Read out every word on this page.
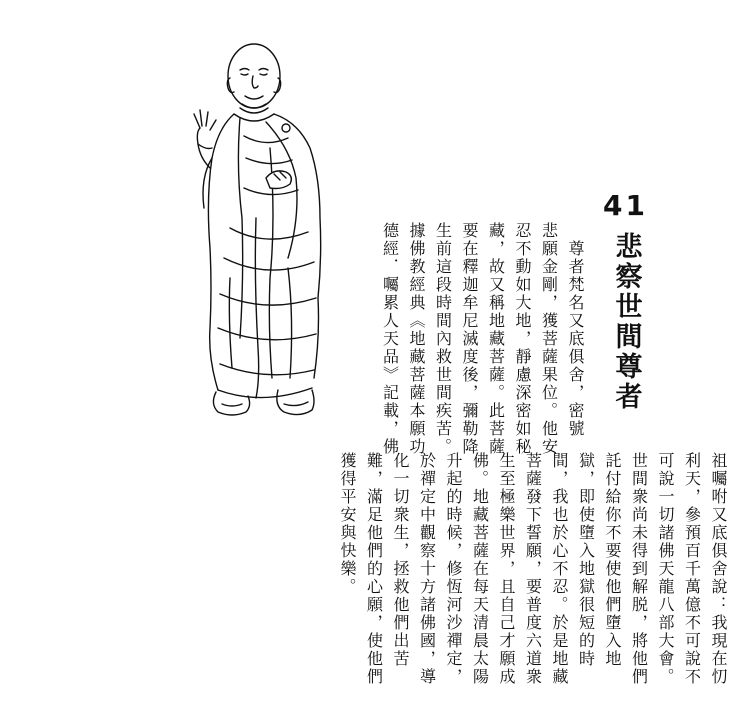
41悲察世間尊者
　尊者梵名又底俱舍，密號
悲願金剛，獲菩薩果位。他安
忍不動如大地，靜慮深密如秘
藏，故又稱地藏菩薩。此菩薩
要在釋迦牟尼滅度後，彌勒降
生前這段時間內救世間疾苦。
據佛教經典《地藏菩薩本願功
德經．囑累人天品》記載，佛
祖囑咐又底俱舍說：我現在忉
利天，參預百千萬億不可說不
可說一切諸佛天龍八部大會。
世間衆尚未得到解脱，將他們
託付給你不要使他們墮入地
獄，即使墮入地獄很短的時
間，我也於心不忍。於是地藏
菩薩發下誓願，要普度六道衆
生至極樂世界，且自己才願成
佛。地藏菩薩在每天清晨太陽
升起的時候，修恆河沙禪定，
於禪定中觀察十方諸佛國，導
化一切衆生，拯救他們出苦
難，滿足他們的心願，使他們
獲得平安與快樂。
